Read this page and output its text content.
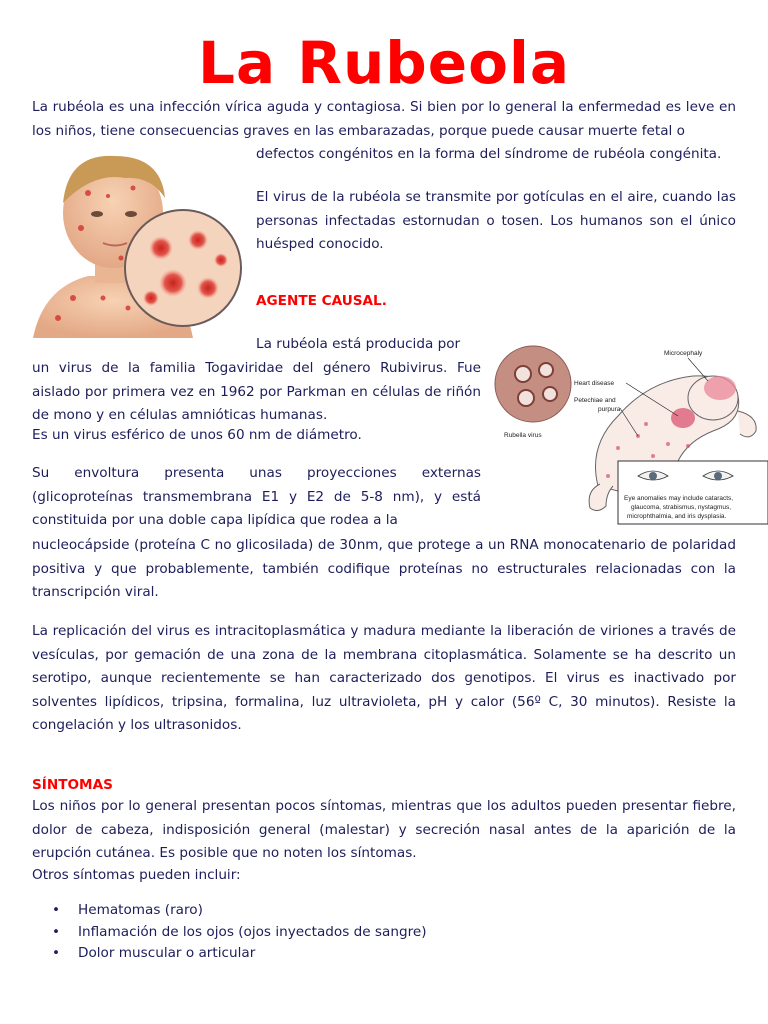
La Rubeola
La rubéola es una infección vírica aguda y contagiosa. Si bien por lo general la enfermedad es leve en los niños, tiene consecuencias graves en las embarazadas, porque puede causar muerte fetal o
defectos congénitos en la forma del síndrome de rubéola congénita.
El virus de la rubéola se transmite por gotículas en el aire, cuando las personas infectadas estornudan o tosen. Los humanos son el único huésped conocido.
AGENTE CAUSAL.
La rubéola está producida por
un virus de la familia Togaviridae del género Rubivirus. Fue aislado por primera vez en 1962 por Parkman en células de riñón de mono y en células amnióticas humanas.
Es un virus esférico de unos 60 nm de diámetro.	Rubella virus
Microcephaly
Heart disease
Petechiae and
purpura
Eye anomalies may include cataracts,
glaucoma, strabismus, nystagmus,
microphthalmia, and iris dysplasia.
Su envoltura presenta unas proyecciones externas (glicoproteínas transmembrana E1 y E2 de 5-8 nm), y está constituida por una doble capa lipídica que rodea a la
nucleocápside (proteína C no glicosilada) de 30nm, que protege a un RNA monocatenario de polaridad positiva y que probablemente, también codifique proteínas no estructurales relacionadas con la transcripción viral.
La replicación del virus es intracitoplasmática y madura mediante la liberación de viriones a través de vesículas, por gemación de una zona de la membrana citoplasmática. Solamente se ha descrito un serotipo, aunque recientemente se han caracterizado dos genotipos. El virus es inactivado por solventes lipídicos, tripsina, formalina, luz ultravioleta, pH y calor (56º C, 30 minutos). Resiste la congelación y los ultrasonidos.
SÍNTOMAS
Los niños por lo general presentan pocos síntomas, mientras que los adultos pueden presentar fiebre, dolor de cabeza, indisposición general (malestar) y secreción nasal antes de la aparición de la erupción cutánea. Es posible que no noten los síntomas.
Otros síntomas pueden incluir:
• Hematomas (raro)
• Inflamación de los ojos (ojos inyectados de sangre)
• Dolor muscular o articular
